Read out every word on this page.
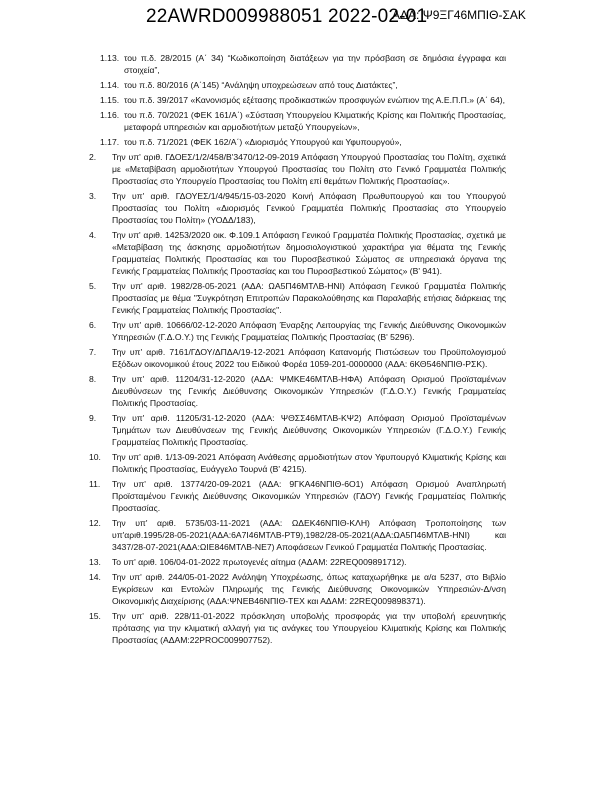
22AWRD009988051 2022-02-01
ΑΔΑ: Ψ9ΞΓ46ΜΠΙΘ-ΣΑΚ
1.13. του π.δ. 28/2015 (Α΄ 34) “Κωδικοποίηση διατάξεων για την πρόσβαση σε δημόσια έγγραφα και στοιχεία”,
1.14. του π.δ. 80/2016 (Α΄145) “Ανάληψη υποχρεώσεων από τους Διατάκτες”,
1.15. του π.δ. 39/2017 «Κανονισμός εξέτασης προδικαστικών προσφυγών ενώπιον της Α.Ε.Π.Π.» (Α΄ 64),
1.16. του π.δ. 70/2021 (ΦΕΚ 161/Α΄) «Σύσταση Υπουργείου Κλιματικής Κρίσης και Πολιτικής Προστασίας, μεταφορά υπηρεσιών και αρμοδιοτήτων μεταξύ Υπουργείων»,
1.17. του π.δ. 71/2021 (ΦΕΚ 162/Α΄) «Διορισμός Υπουργού και Υφυπουργού»,
2. Την υπ' αριθ. ΓΔΟΕΣ/1/2/458/Β'3470/12-09-2019 Απόφαση Υπουργού Προστασίας του Πολίτη, σχετικά με «Μεταβίβαση αρμοδιοτήτων Υπουργού Προστασίας του Πολίτη στο Γενικό Γραμματέα Πολιτικής Προστασίας στο Υπουργείο Προστασίας του Πολίτη επί θεμάτων Πολιτικής Προστασίας».
3. Την υπ' αριθ. ΓΔΟΥΕΣ/1/4/945/15-03-2020 Κοινή Απόφαση Πρωθυπουργού και του Υπουργού Προστασίας του Πολίτη «Διορισμός Γενικού Γραμματέα Πολιτικής Προστασίας στο Υπουργείο Προστασίας του Πολίτη» (ΥΟΔΔ/183),
4. Την υπ' αριθ. 14253/2020 οικ. Φ.109.1 Απόφαση Γενικού Γραμματέα Πολιτικής Προστασίας, σχετικά με «Μεταβίβαση της άσκησης αρμοδιοτήτων δημοσιολογιστικού χαρακτήρα για θέματα της Γενικής Γραμματείας Πολιτικής Προστασίας και του Πυροσβεστικού Σώματος σε υπηρεσιακά όργανα της Γενικής Γραμματείας Πολιτικής Προστασίας και του Πυροσβεστικού Σώματος» (Β' 941).
5. Την υπ' αριθ. 1982/28-05-2021 (ΑΔΑ: ΩΑ5Π46ΜΤΛΒ-ΗΝΙ) Απόφαση Γενικού Γραμματέα Πολιτικής Προστασίας με θέμα "Συγκρότηση Επιτροπών Παρακολούθησης και Παραλαβής ετήσιας διάρκειας της Γενικής Γραμματείας Πολιτικής Προστασίας".
6. Την υπ' αριθ. 10666/02-12-2020 Απόφαση Έναρξης Λειτουργίας της Γενικής Διεύθυνσης Οικονομικών Υπηρεσιών (Γ.Δ.Ο.Υ.) της Γενικής Γραμματείας Πολιτικής Προστασίας (Β' 5296).
7. Την υπ' αριθ. 7161/ΓΔΟΥ/ΔΠΔΑ/19-12-2021 Απόφαση Κατανομής Πιστώσεων του Προϋπολογισμού Εξόδων οικονομικού έτους 2022 του Ειδικού Φορέα 1059-201-0000000 (ΑΔΑ: 6ΚΘ546ΝΠΙΘ-ΡΣΚ).
8. Την υπ' αριθ. 11204/31-12-2020 (ΑΔΑ: ΨΜΚΕ46ΜΤΛΒ-ΗΦΑ) Απόφαση Ορισμού Προϊσταμένων Διευθύνσεων της Γενικής Διεύθυνσης Οικονομικών Υπηρεσιών (Γ.Δ.Ο.Υ.) Γενικής Γραμματείας Πολιτικής Προστασίας.
9. Την υπ' αριθ. 11205/31-12-2020 (ΑΔΑ: ΨΘΣΣ46ΜΤΛΒ-ΚΨ2) Απόφαση Ορισμού Προϊσταμένων Τμημάτων των Διευθύνσεων της Γενικής Διεύθυνσης Οικονομικών Υπηρεσιών (Γ.Δ.Ο.Υ.) Γενικής Γραμματείας Πολιτικής Προστασίας.
10. Την υπ' αριθ. 1/13-09-2021 Απόφαση Ανάθεσης αρμοδιοτήτων στον Υφυπουργό Κλιματικής Κρίσης και Πολιτικής Προστασίας, Ευάγγελο Τουρνά (Β' 4215).
11. Την υπ' αριθ. 13774/20-09-2021 (ΑΔΑ: 9ΓΚΑ46ΝΠΙΘ-6Ο1) Απόφαση Ορισμού Αναπληρωτή Προϊσταμένου Γενικής Διεύθυνσης Οικονομικών Υπηρεσιών (ΓΔΟΥ) Γενικής Γραμματείας Πολιτικής Προστασίας.
12. Την υπ' αριθ. 5735/03-11-2021 (ΑΔΑ: ΩΔΕΚ46ΝΠΙΘ-ΚΛΗ) Απόφαση Τροποποίησης των υπ'αριθ.1995/28-05-2021(ΑΔΑ:6Α7Ι46ΜΤΛΒ-ΡΤ9),1982/28-05-2021(ΑΔΑ:ΩΑ5Π46ΜΤΛΒ-ΗΝΙ) και 3437/28-07-2021(ΑΔΑ:ΩΙΕ846ΜΤΛΒ-ΝΕ7) Αποφάσεων Γενικού Γραμματέα Πολιτικής Προστασίας.
13. Το υπ' αριθ. 106/04-01-2022 πρωτογενές αίτημα (ΑΔΑΜ: 22REQ009891712).
14. Την υπ' αριθ. 244/05-01-2022 Ανάληψη Υποχρέωσης, όπως καταχωρήθηκε με α/α 5237, στο Βιβλίο Εγκρίσεων και Εντολών Πληρωμής της Γενικής Διεύθυνσης Οικονομικών Υπηρεσιών-Δ/νση Οικονομικής Διαχείρισης (ΑΔΑ:ΨΝΕΒ46ΝΠΙΘ-ΤΕΧ και ΑΔΑΜ: 22REQ009898371).
15. Την υπ' αριθ. 228/11-01-2022 πρόσκληση υποβολής προσφοράς για την υποβολή ερευνητικής πρότασης για την κλιματική αλλαγή για τις ανάγκες του Υπουργείου Κλιματικής Κρίσης και Πολιτικής Προστασίας (ΑΔΑΜ:22PROC009907752).
